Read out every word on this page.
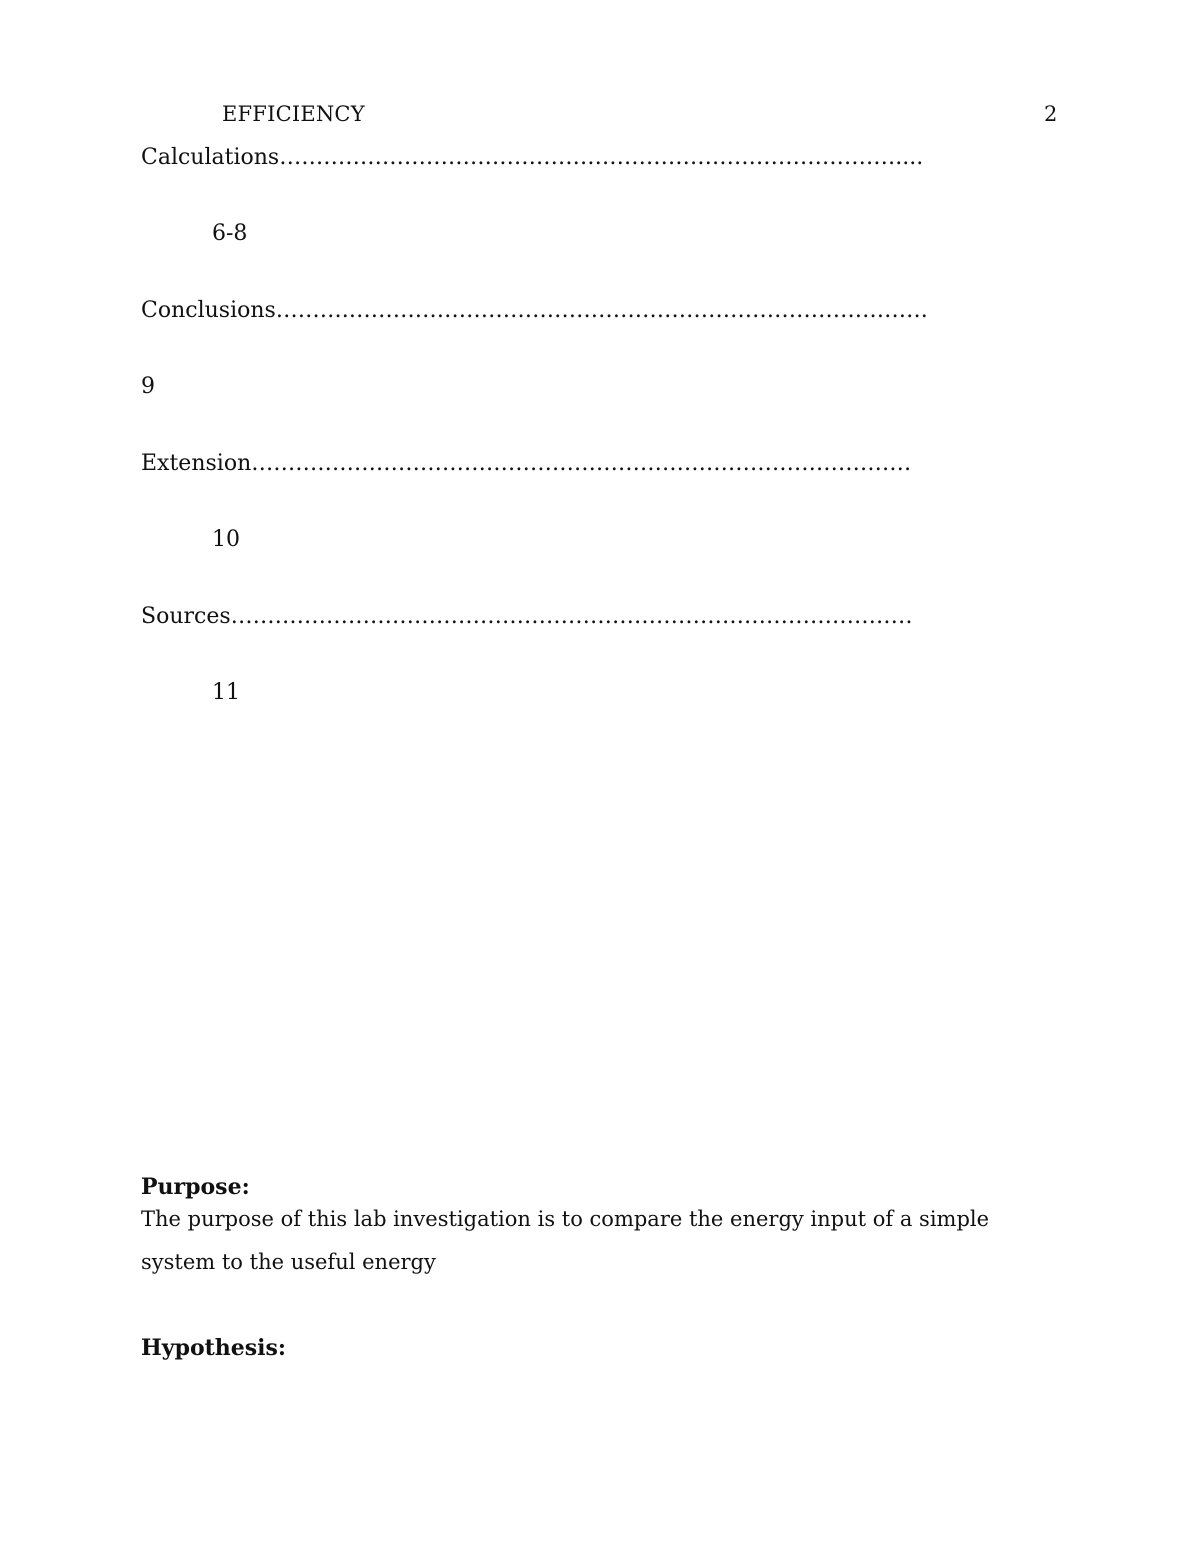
EFFICIENCY	2
Calculations…………………………………………………………………………....
6-8
Conclusions……….…………………………………………………………………….
9
Extension………………………………………………………………………………
10
Sources…………………………………………………………………………………
11
Purpose:
The purpose of this lab investigation is to compare the energy input of a simple system to the useful energy
Hypothesis:
